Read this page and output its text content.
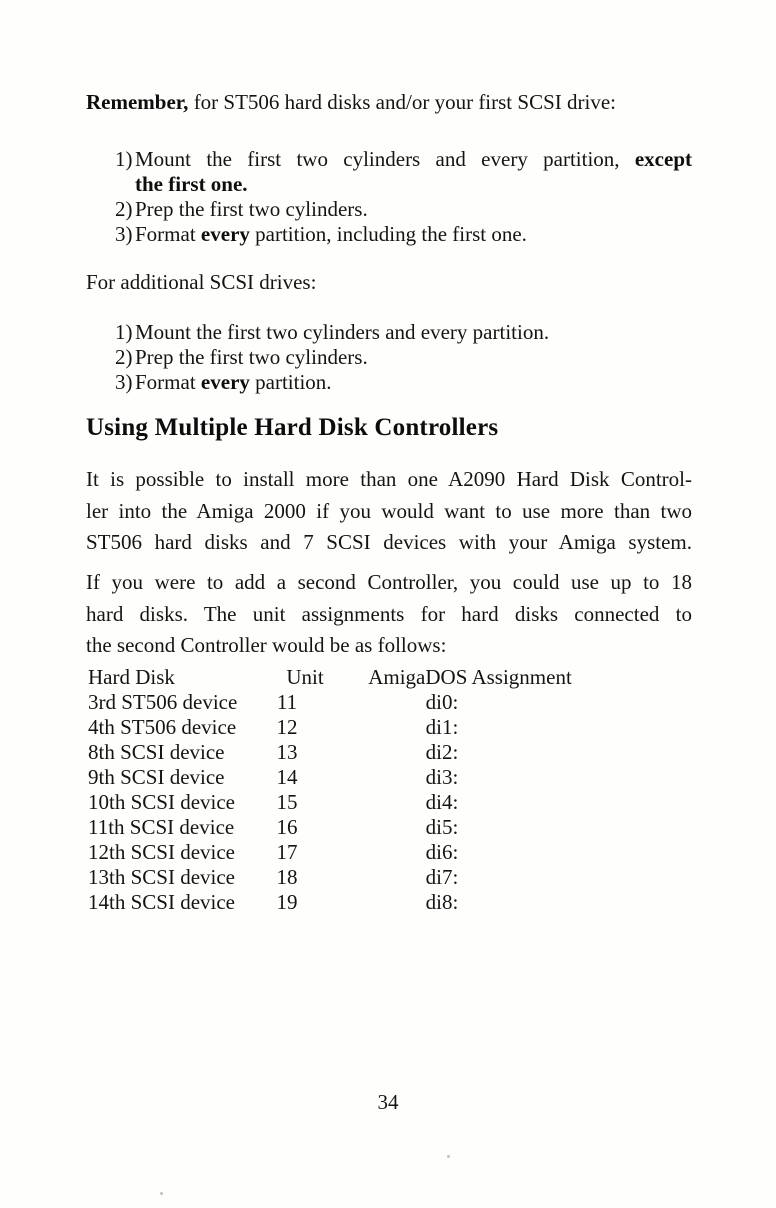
Remember, for ST506 hard disks and/or your first SCSI drive:

1) Mount the first two cylinders and every partition, except
the first one.
2) Prep the first two cylinders.
3) Format every partition, including the first one.

For additional SCSI drives:

1) Mount the first two cylinders and every partition.
2) Prep the first two cylinders.
3) Format every partition.
Using Multiple Hard Disk Controllers
It is possible to install more than one A2090 Hard Disk Control-
ler into the Amiga 2000 if you would want to use more than two
ST506 hard disks and 7 SCSI devices with your Amiga system.
If you were to add a second Controller, you could use up to 18
hard disks. The unit assignments for hard disks connected to
the second Controller would be as follows:
Hard Disk	Unit	AmigaDOS Assignment
3rd ST506 device	11	di0:
4th ST506 device	12	di1:
8th SCSI device	13	di2:
9th SCSI device	14	di3:
10th SCSI device	15	di4:
11th SCSI device	16	di5:
12th SCSI device	17	di6:
13th SCSI device	18	di7:
14th SCSI device	19	di8:
34
